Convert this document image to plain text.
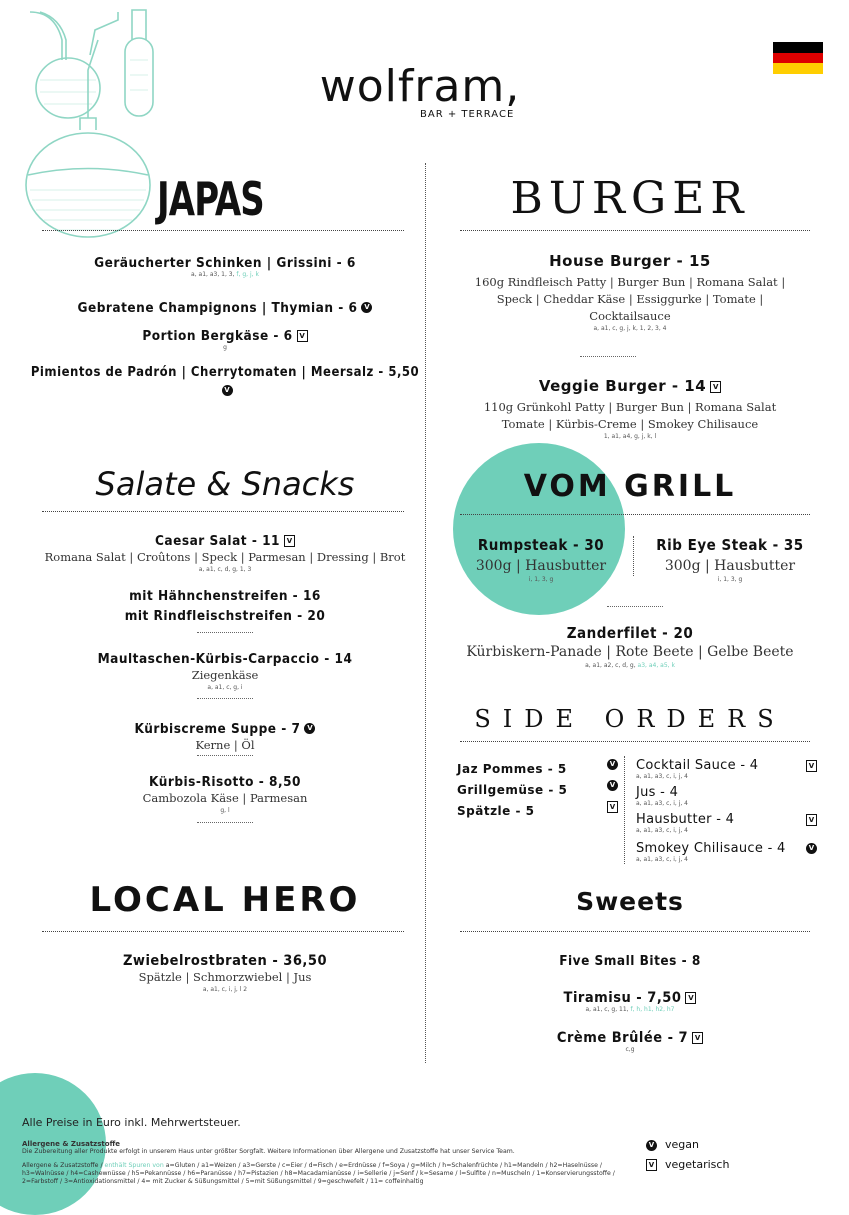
wolfram,
BAR + TERRACE
JAPAS
Geräucherter Schinken | Grissini - 6
a, a1, a3, 1, 3, f, g, j, k
Gebratene Champignons | Thymian - 6 V
Portion Bergkäse - 6 V
g
Pimientos de Padrón | Cherrytomaten | Meersalz - 5,50V
Salate & Snacks
Caesar Salat - 11 V
Romana Salat | Croûtons | Speck | Parmesan | Dressing | Brot
a, a1, c, d, g, 1, 3
mit Hähnchenstreifen - 16
mit Rindfleischstreifen - 20
Maultaschen-Kürbis-Carpaccio - 14
Ziegenkäse
a, a1, c, g, i
Kürbiscreme Suppe - 7 V
Kerne | Öl
Kürbis-Risotto - 8,50
Cambozola Käse | Parmesan
g, l
LOCAL HERO
Zwiebelrostbraten - 36,50
Spätzle | Schmorzwiebel | Jus
a, a1, c, i, j, l 2
BURGER
House Burger - 15
160g Rindfleisch Patty | Burger Bun | Romana Salat |
Speck | Cheddar Käse | Essiggurke | Tomate |
Cocktailsauce
a, a1, c, g, j, k, 1, 2, 3, 4
Veggie Burger - 14 V
110g Grünkohl Patty | Burger Bun | Romana Salat
Tomate | Kürbis-Creme | Smokey Chilisauce
1, a1, a4, g, j, k, l
VOM GRILL
Rumpsteak - 30
300g | Hausbutter
i, 1, 3, g
Rib Eye Steak - 35
300g | Hausbutter
i, 1, 3, g
Zanderfilet - 20
Kürbiskern-Panade | Rote Beete | Gelbe Beete
a, a1, a2, c, d, g, a3, a4, a5, k
SIDE ORDERS
Jaz Pommes - 5	V
Grillgemüse - 5	V
Spätzle - 5	V
Cocktail Sauce - 4
a, a1, a3, c, i, j, 4
V
Jus - 4
a, a1, a3, c, i, j, 4
Hausbutter - 4
a, a1, a3, c, i, j, 4
V
Smokey Chilisauce - 4
a, a1, a3, c, i, j, 4
V
Sweets
Five Small Bites - 8
Tiramisu - 7,50 V
a, a1, c, g, 11, f, h, h1, h2, h7
Crème Brûlée - 7 V
c,g
Alle Preise in Euro inkl. Mehrwertsteuer.
Allergene & Zusatzstoffe
Die Zubereitung aller Produkte erfolgt in unserem Haus unter größter Sorgfalt. Weitere Informationen über Allergene und Zusatzstoffe hat unser Service Team.
Allergene & Zusatzstoffe / enthält Spuren von a=Gluten / a1=Weizen / a3=Gerste / c=Eier / d=Fisch / e=Erdnüsse / f=Soya / g=Milch / h=Schalenfrüchte / h1=Mandeln / h2=Haselnüsse /
h3=Walnüsse / h4=Cashewnüsse / h5=Pekannüsse / h6=Paranüsse / h7=Pistazien / h8=Macadamianüsse / i=Sellerie / j=Senf / k=Sesame / l=Sulfite / n=Muscheln / 1=Konservierungsstoffe /
2=Farbstoff / 3=Antioxidationsmittel / 4= mit Zucker & Süßungsmittel / 5=mit Süßungsmittel / 9=geschwefelt / 11= coffeinhaltig
V vegan
V vegetarisch
